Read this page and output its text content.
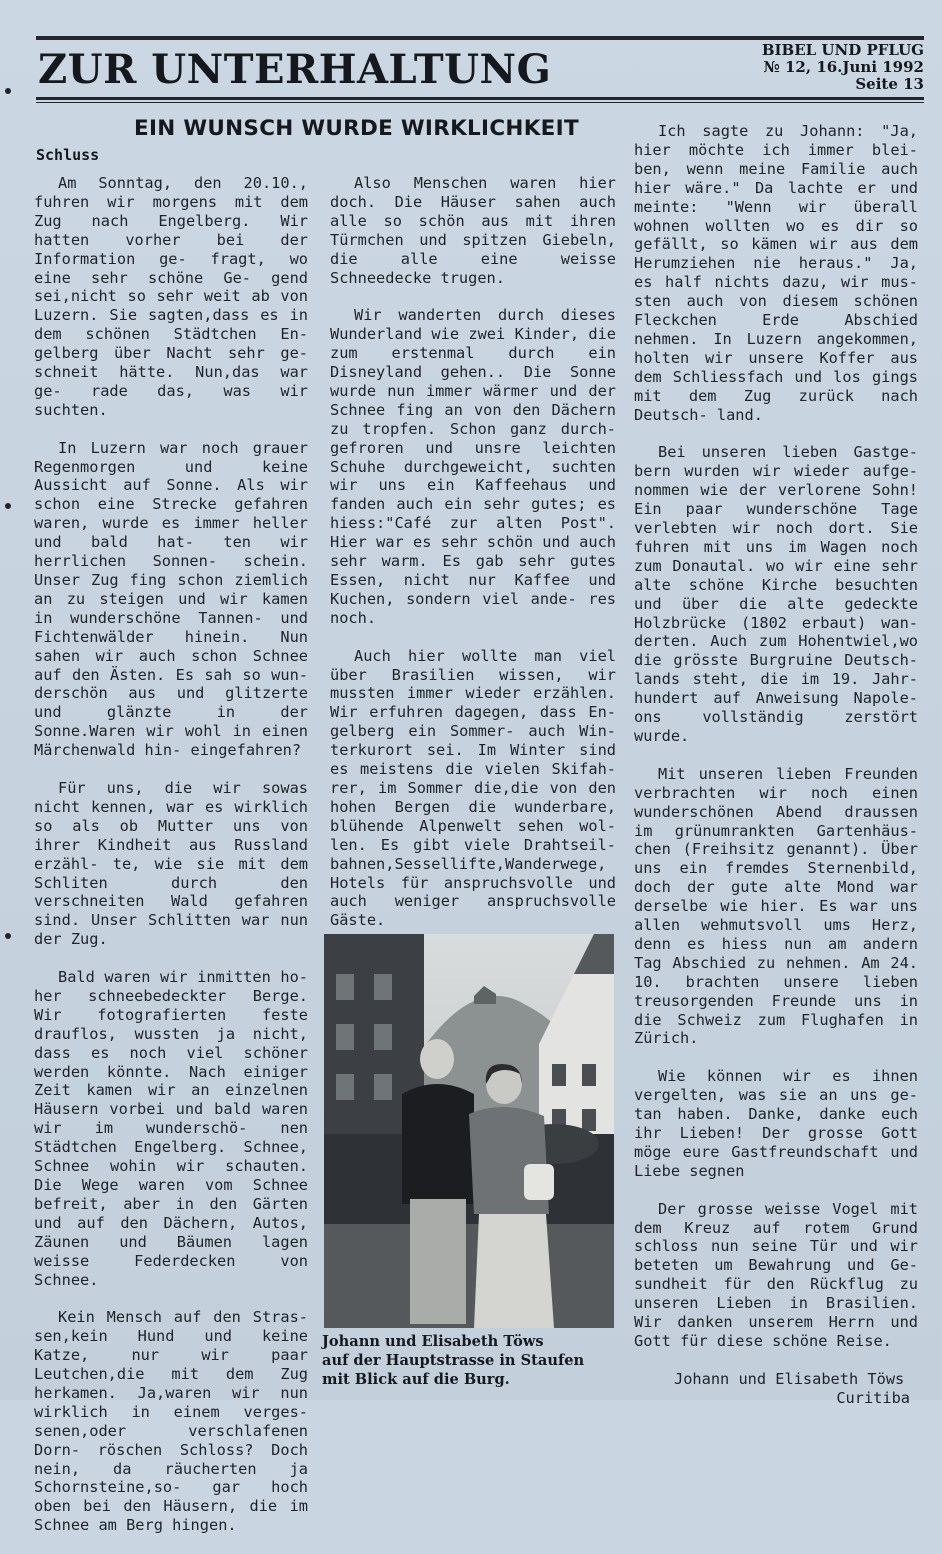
ZUR UNTERHALTUNG	BIBEL UND PFLUG
№ 12, 16.Juni 1992
Seite 13
EIN WUNSCH WURDE WIRKLICHKEIT
Schluss

Am Sonntag, den 20.10., fuhren wir morgens mit dem Zug nach Engelberg. Wir hatten vorher bei der Information ge- fragt, wo eine sehr schöne Ge- gend sei,nicht so sehr weit ab von Luzern. Sie sagten,dass es in dem schönen Städtchen En- gelberg über Nacht sehr ge- schneit hätte. Nun,das war ge- rade das, was wir suchten.

In Luzern war noch grauer Regenmorgen und keine Aussicht auf Sonne. Als wir schon eine Strecke gefahren waren, wurde es immer heller und bald hat- ten wir herrlichen Sonnen- schein. Unser Zug fing schon ziemlich an zu steigen und wir kamen in wunderschöne Tannen- und Fichtenwälder hinein. Nun sahen wir auch schon Schnee auf den Ästen. Es sah so wun- derschön aus und glitzerte und glänzte in der Sonne.Waren wir wohl in einen Märchenwald hin- eingefahren?

Für uns, die wir sowas nicht kennen, war es wirklich so als ob Mutter uns von ihrer Kindheit aus Russland erzähl- te, wie sie mit dem Schliten durch den verschneiten Wald gefahren sind. Unser Schlitten war nun der Zug.

Bald waren wir inmitten ho- her schneebedeckter Berge. Wir fotografierten feste drauflos, wussten ja nicht, dass es noch viel schöner werden könnte. Nach einiger Zeit kamen wir an einzelnen Häusern vorbei und bald waren wir im wunderschö- nen Städtchen Engelberg. Schnee, Schnee wohin wir schauten. Die Wege waren vom Schnee befreit, aber in den Gärten und auf den Dächern, Autos, Zäunen und Bäumen lagen weisse Federdecken von Schnee.

Kein Mensch auf den Stras- sen,kein Hund und keine Katze, nur wir paar Leutchen,die mit dem Zug herkamen. Ja,waren wir nun wirklich in einem verges- senen,oder verschlafenen Dorn- röschen Schloss? Doch nein, da räucherten ja Schornsteine,so- gar hoch oben bei den Häusern, die im Schnee am Berg hingen.

Also Menschen waren hier doch. Die Häuser sahen auch alle so schön aus mit ihren Türmchen und spitzen Giebeln, die alle eine weisse Schneedecke trugen.

Wir wanderten durch dieses Wunderland wie zwei Kinder, die zum erstenmal durch ein Disneyland gehen.. Die Sonne wurde nun immer wärmer und der Schnee fing an von den Dächern zu tropfen. Schon ganz durch- gefroren und unsre leichten Schuhe durchgeweicht, suchten wir uns ein Kaffeehaus und fanden auch ein sehr gutes; es hiess:"Café zur alten Post". Hier war es sehr schön und auch sehr warm. Es gab sehr gutes Essen, nicht nur Kaffee und Kuchen, sondern viel ande- res noch.

Auch hier wollte man viel über Brasilien wissen, wir mussten immer wieder erzählen. Wir erfuhren dagegen, dass En- gelberg ein Sommer- auch Win- terkurort sei. Im Winter sind es meistens die vielen Skifah- rer, im Sommer die,die von den hohen Bergen die wunderbare, blühende Alpenwelt sehen wol- len. Es gibt viele Drahtseil- bahnen,Sessellifte,Wanderwege, Hotels für anspruchsvolle und auch weniger anspruchsvolle Gäste.

Johann und Elisabeth Töws
auf der Hauptstrasse in Staufen
mit Blick auf die Burg.

Ich sagte zu Johann: "Ja, hier möchte ich immer blei- ben, wenn meine Familie auch hier wäre." Da lachte er und meinte: "Wenn wir überall wohnen wollten wo es dir so gefällt, so kämen wir aus dem Herumziehen nie heraus." Ja, es half nichts dazu, wir mus- sten auch von diesem schönen Fleckchen Erde Abschied nehmen. In Luzern angekommen, holten wir unsere Koffer aus dem Schliessfach und los gings mit dem Zug zurück nach Deutsch- land.

Bei unseren lieben Gastge- bern wurden wir wieder aufge- nommen wie der verlorene Sohn! Ein paar wunderschöne Tage verlebten wir noch dort. Sie fuhren mit uns im Wagen noch zum Donautal. wo wir eine sehr alte schöne Kirche besuchten und über die alte gedeckte Holzbrücke (1802 erbaut) wan- derten. Auch zum Hohentwiel,wo die grösste Burgruine Deutsch- lands steht, die im 19. Jahr- hundert auf Anweisung Napole- ons vollständig zerstört wurde.

Mit unseren lieben Freunden verbrachten wir noch einen wunderschönen Abend draussen im grünumrankten Gartenhäus- chen (Freihsitz genannt). Über uns ein fremdes Sternenbild, doch der gute alte Mond war derselbe wie hier. Es war uns allen wehmutsvoll ums Herz, denn es hiess nun am andern Tag Abschied zu nehmen. Am 24. 10. brachten unsere lieben treusorgenden Freunde uns in die Schweiz zum Flughafen in Zürich.

Wie können wir es ihnen vergelten, was sie an uns ge- tan haben. Danke, danke euch ihr Lieben! Der grosse Gott möge eure Gastfreundschaft und Liebe segnen

Der grosse weisse Vogel mit dem Kreuz auf rotem Grund schloss nun seine Tür und wir beteten um Bewahrung und Ge- sundheit für den Rückflug zu unseren Lieben in Brasilien. Wir danken unserem Herrn und Gott für diese schöne Reise.

Johann und Elisabeth Töws
Curitiba
